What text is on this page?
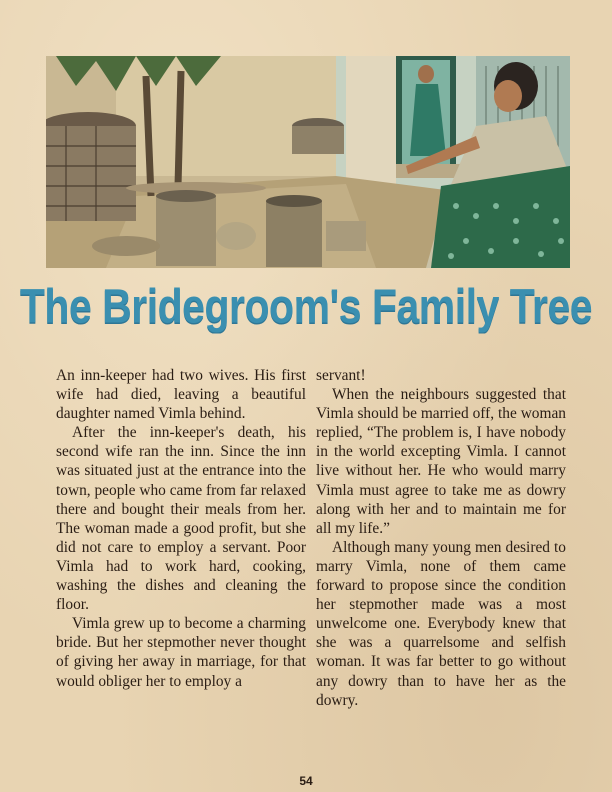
The Bridegroom's Family Tree

An inn-keeper had two wives. His first wife had died, leaving a beautiful daughter named Vimla behind.

After the inn-keeper's death, his second wife ran the inn. Since the inn was situated just at the entrance into the town, people who came from far relaxed there and bought their meals from her. The woman made a good profit, but she did not care to employ a servant. Poor Vimla had to work hard, cooking, washing the dishes and cleaning the floor.

Vimla grew up to become a charming bride. But her stepmother never thought of giving her away in marriage, for that would obliger her to employ a

servant!

When the neighbours suggested that Vimla should be married off, the woman replied, “The problem is, I have nobody in the world excepting Vimla. I cannot live without her. He who would marry Vimla must agree to take me as dowry along with her and to maintain me for all my life.”

Although many young men desired to marry Vimla, none of them came forward to propose since the condition her stepmother made was a most unwelcome one. Everybody knew that she was a quarrelsome and selfish woman. It was far better to go without any dowry than to have her as the dowry.

54
